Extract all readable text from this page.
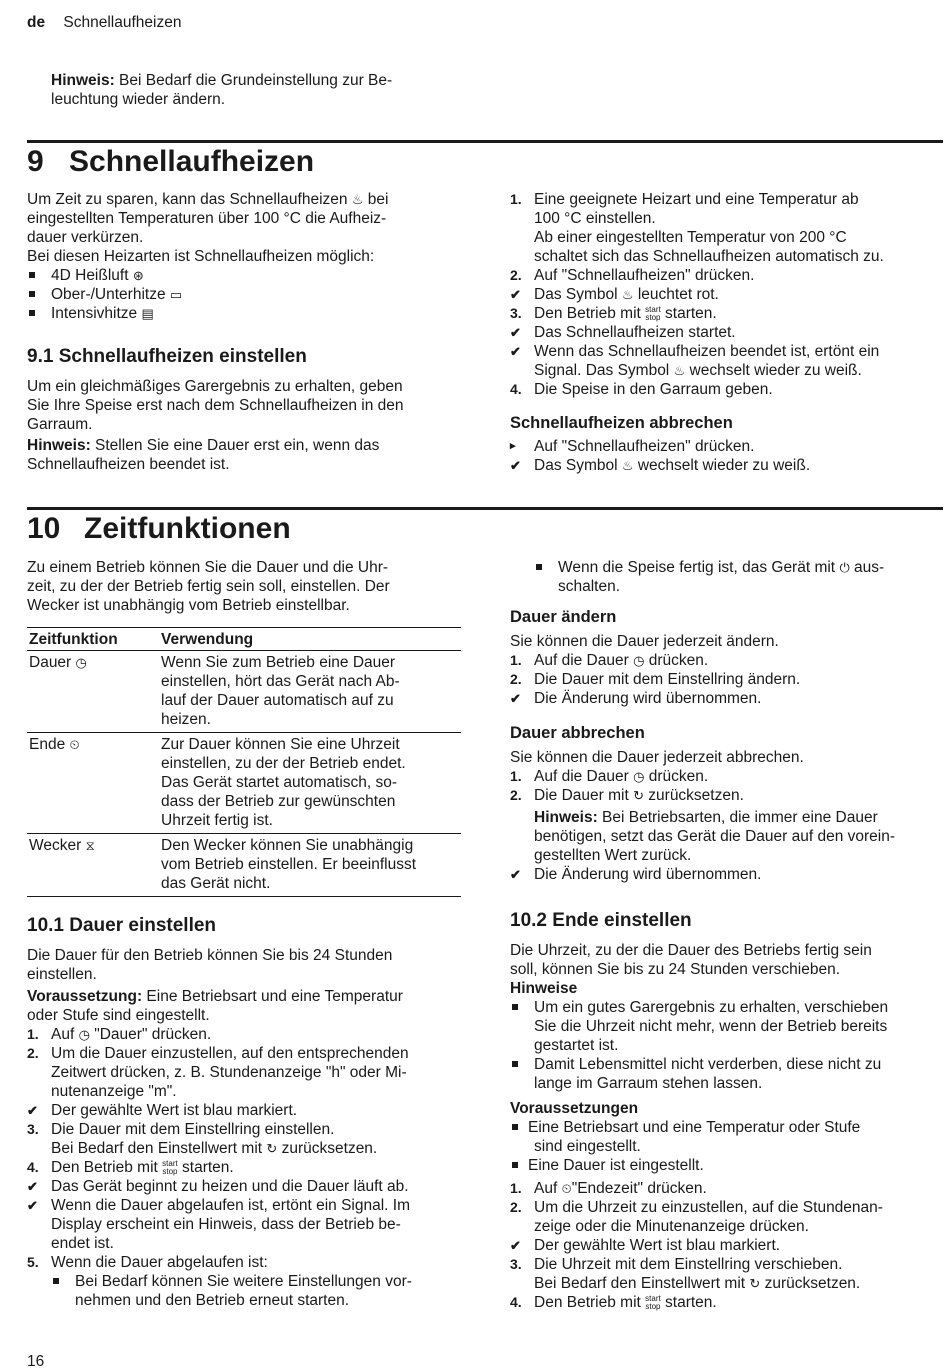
de Schnellaufheizen
Hinweis: Bei Bedarf die Grundeinstellung zur Be-
leuchtung wieder ändern.
9 Schnellaufheizen
Um Zeit zu sparen, kann das Schnellaufheizen ♨ bei
eingestellten Temperaturen über 100 °C die Aufheiz-
dauer verkürzen.
Bei diesen Heizarten ist Schnellaufheizen möglich:
4D Heißluft ⊛
Ober-/Unterhitze ▭
Intensivhitze ▤
9.1 Schnellaufheizen einstellen
Um ein gleichmäßiges Garergebnis zu erhalten, geben
Sie Ihre Speise erst nach dem Schnellaufheizen in den
Garraum.
Hinweis: Stellen Sie eine Dauer erst ein, wenn das
Schnellaufheizen beendet ist.
1. Eine geeignete Heizart und eine Temperatur ab
100 °C einstellen.
Ab einer eingestellten Temperatur von 200 °C
schaltet sich das Schnellaufheizen automatisch zu.
2. Auf "Schnellaufheizen" drücken.
✔ Das Symbol ♨ leuchtet rot.
3. Den Betrieb mit start
stop starten.
✔ Das Schnellaufheizen startet.
✔ Wenn das Schnellaufheizen beendet ist, ertönt ein
Signal. Das Symbol ♨ wechselt wieder zu weiß.
4. Die Speise in den Garraum geben.
Schnellaufheizen abbrechen
▸	Auf "Schnellaufheizen" drücken.
✔ Das Symbol ♨ wechselt wieder zu weiß.
10 Zeitfunktionen
Zu einem Betrieb können Sie die Dauer und die Uhr-
zeit, zu der der Betrieb fertig sein soll, einstellen. Der
Wecker ist unabhängig vom Betrieb einstellbar.
Zeitfunktion	Verwendung
Dauer ◷	Wenn Sie zum Betrieb eine Dauer
einstellen, hört das Gerät nach Ab-
lauf der Dauer automatisch auf zu
heizen.

Ende ⏲	Zur Dauer können Sie eine Uhrzeit
einstellen, zu der der Betrieb endet.
Das Gerät startet automatisch, so-
dass der Betrieb zur gewünschten
Uhrzeit fertig ist.

Wecker ⧖	Den Wecker können Sie unabhängig
vom Betrieb einstellen. Er beeinflusst
das Gerät nicht.
10.1 Dauer einstellen
Die Dauer für den Betrieb können Sie bis 24 Stunden
einstellen.
Voraussetzung: Eine Betriebsart und eine Temperatur
oder Stufe sind eingestellt.
1. Auf ◷ "Dauer" drücken.
2. Um die Dauer einzustellen, auf den entsprechenden
Zeitwert drücken, z. B. Stundenanzeige "h" oder Mi-
nutenanzeige "m".
✔ Der gewählte Wert ist blau markiert.
3. Die Dauer mit dem Einstellring einstellen.
Bei Bedarf den Einstellwert mit ↻ zurücksetzen.
4. Den Betrieb mit start
stop starten.
✔ Das Gerät beginnt zu heizen und die Dauer läuft ab.
✔ Wenn die Dauer abgelaufen ist, ertönt ein Signal. Im
Display erscheint ein Hinweis, dass der Betrieb be-
endet ist.
5. Wenn die Dauer abgelaufen ist:
Bei Bedarf können Sie weitere Einstellungen vor-
nehmen und den Betrieb erneut starten.
Wenn die Speise fertig ist, das Gerät mit ⏻ aus-
schalten.
Dauer ändern
Sie können die Dauer jederzeit ändern.
1. Auf die Dauer ◷ drücken.
2. Die Dauer mit dem Einstellring ändern.
✔ Die Änderung wird übernommen.
Dauer abbrechen
Sie können die Dauer jederzeit abbrechen.
1. Auf die Dauer ◷ drücken.
2. Die Dauer mit ↻ zurücksetzen.
Hinweis: Bei Betriebsarten, die immer eine Dauer
benötigen, setzt das Gerät die Dauer auf den vorein-
gestellten Wert zurück.
✔ Die Änderung wird übernommen.
10.2 Ende einstellen
Die Uhrzeit, zu der die Dauer des Betriebs fertig sein
soll, können Sie bis zu 24 Stunden verschieben.
Hinweise
Um ein gutes Garergebnis zu erhalten, verschieben
Sie die Uhrzeit nicht mehr, wenn der Betrieb bereits
gestartet ist.
Damit Lebensmittel nicht verderben, diese nicht zu
lange im Garraum stehen lassen.
Voraussetzungen
Eine Betriebsart und eine Temperatur oder Stufe
sind eingestellt.
Eine Dauer ist eingestellt.
1. Auf ⏲"Endezeit" drücken.
2. Um die Uhrzeit zu einzustellen, auf die Stundenan-
zeige oder die Minutenanzeige drücken.
✔ Der gewählte Wert ist blau markiert.
3. Die Uhrzeit mit dem Einstellring verschieben.
Bei Bedarf den Einstellwert mit ↻ zurücksetzen.
4. Den Betrieb mit start
stop starten.
16
